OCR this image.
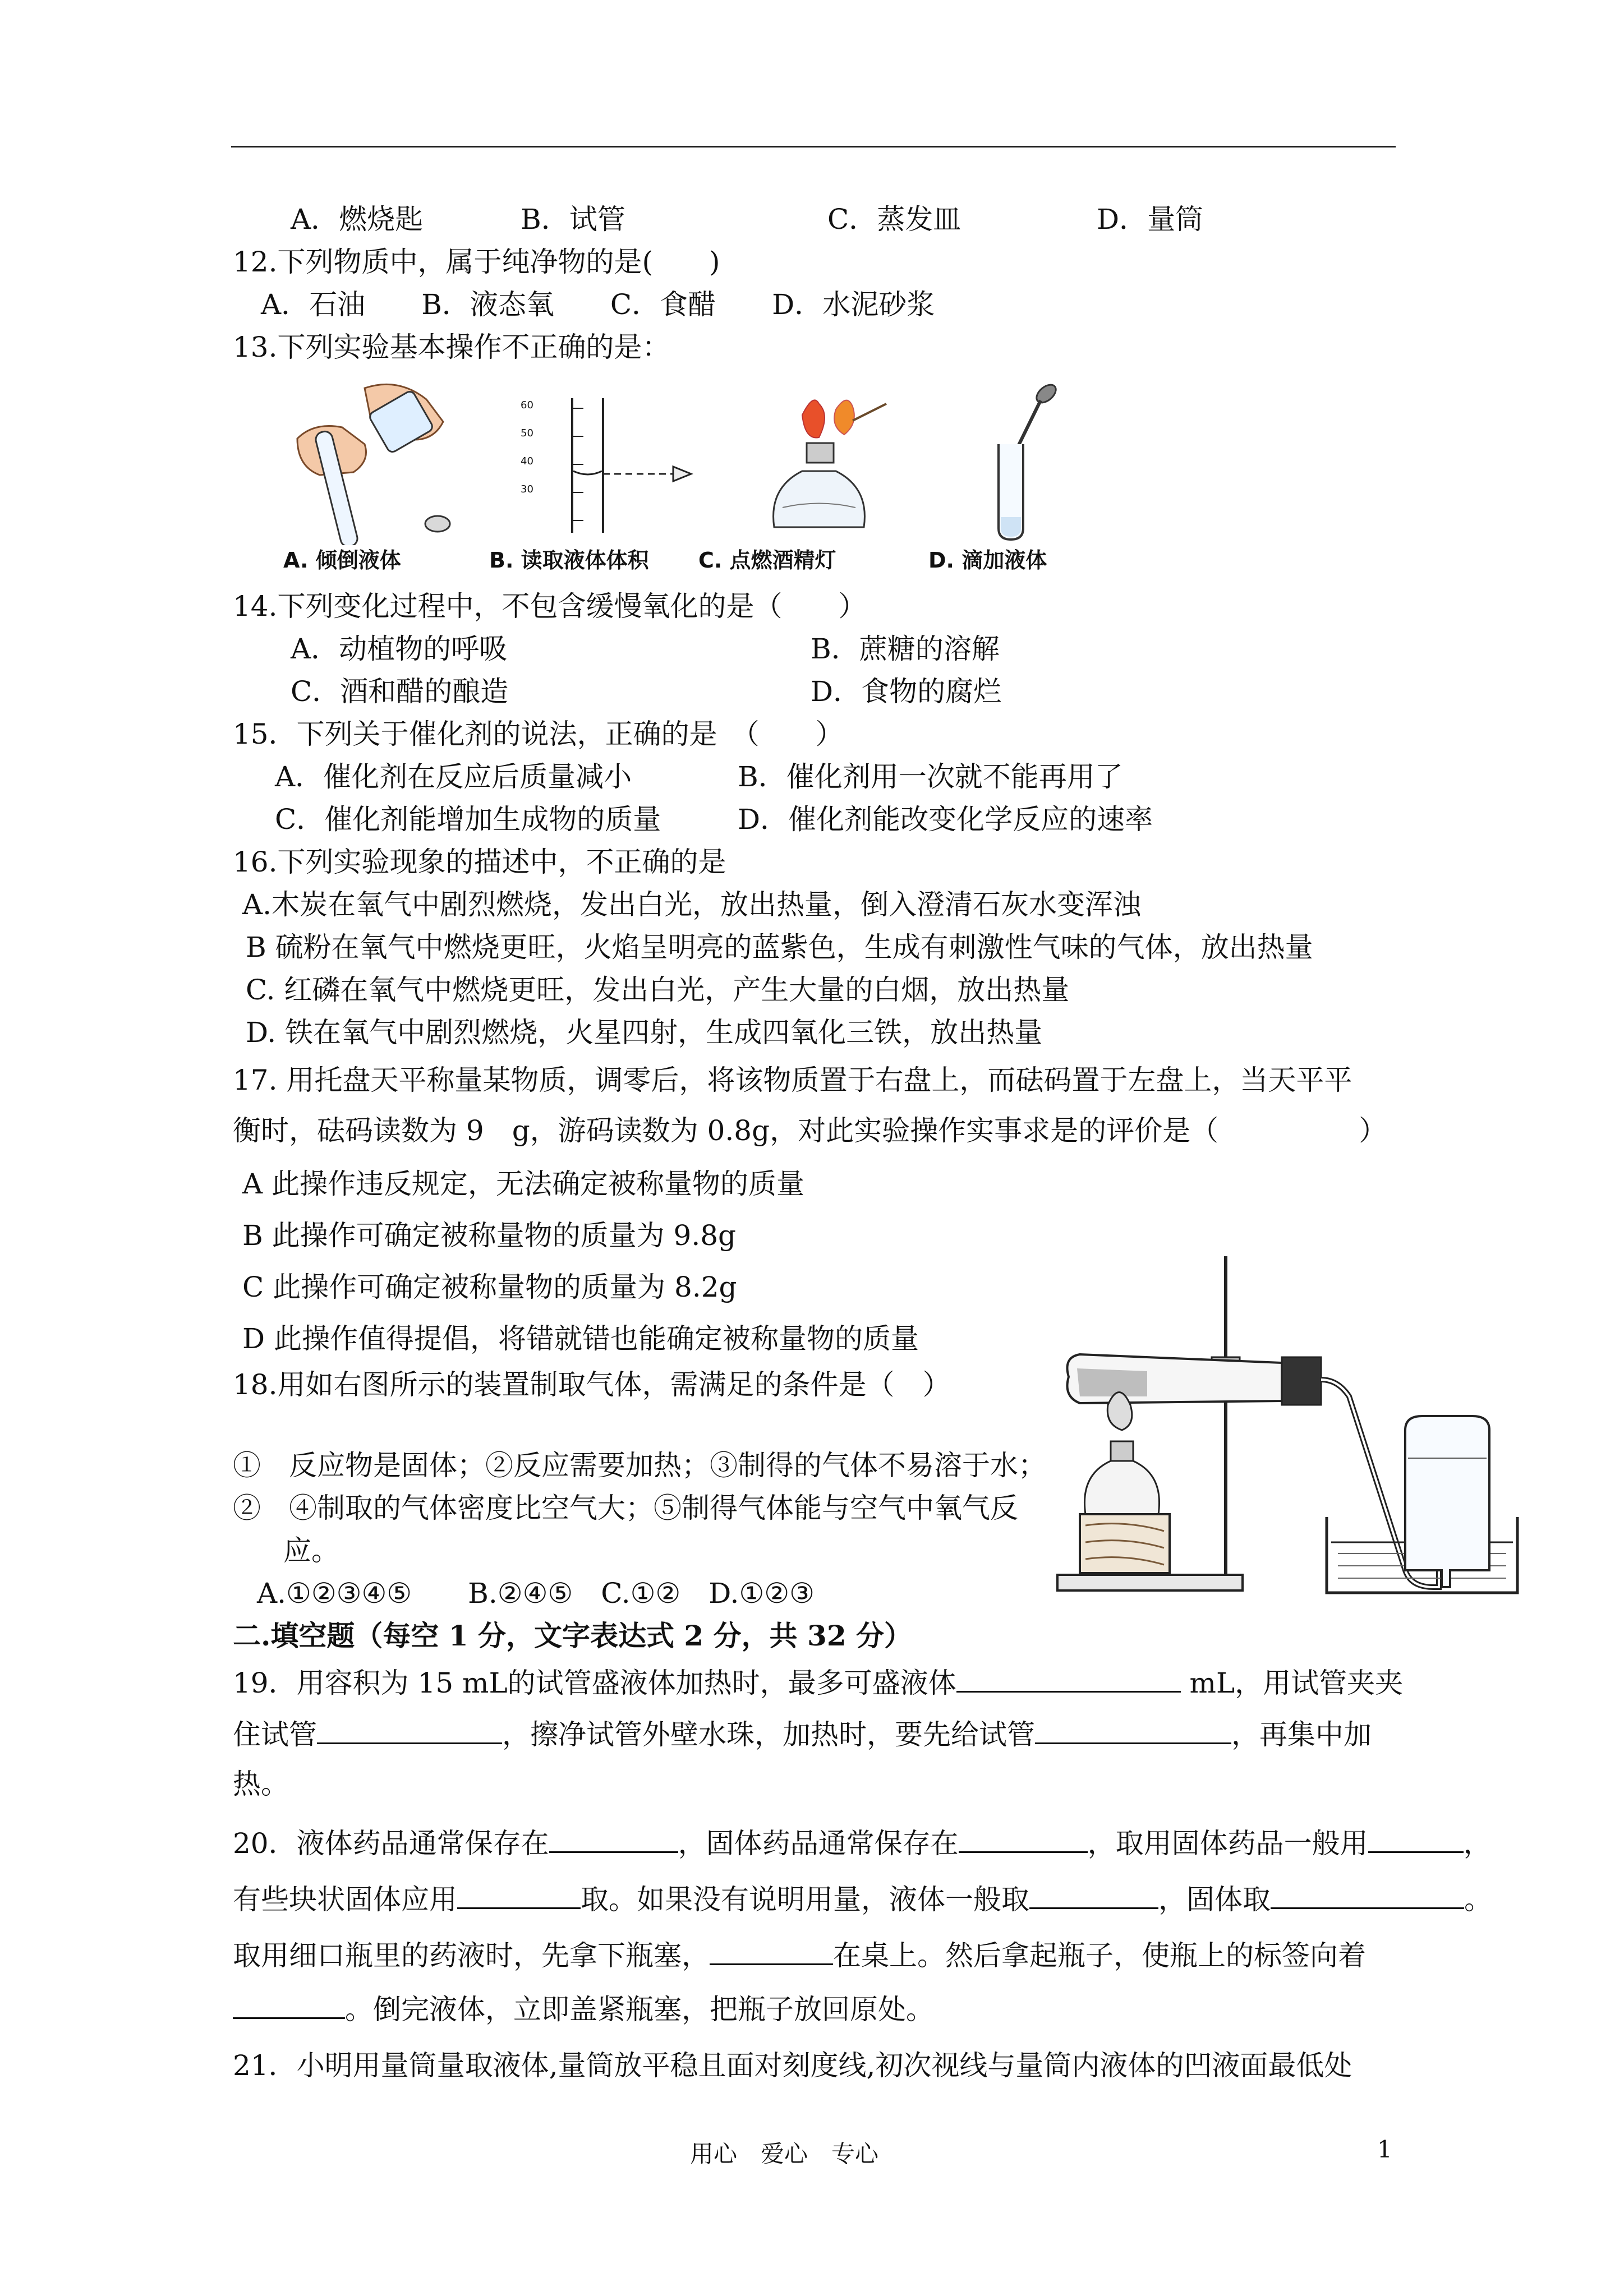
A．燃烧匙	B．试管	C．蒸发皿	D．量筒
12.下列物质中，属于纯净物的是(　　)
A．石油　　B．液态氧　　C．食醋　　D．水泥砂浆
13.下列实验基本操作不正确的是：
60
50
40
30
A. 倾倒液体	B. 读取液体体积 C. 点燃酒精灯	D. 滴加液体
14.下列变化过程中，不包含缓慢氧化的是（　　）
A．动植物的呼吸	B．蔗糖的溶解
C．酒和醋的酿造	D．食物的腐烂
15．下列关于催化剂的说法，正确的是　（　　）
A．催化剂在反应后质量减小	B．催化剂用一次就不能再用了
C．催化剂能增加生成物的质量	D．催化剂能改变化学反应的速率
16.下列实验现象的描述中，不正确的是
A.木炭在氧气中剧烈燃烧，发出白光，放出热量，倒入澄清石灰水变浑浊
B 硫粉在氧气中燃烧更旺，火焰呈明亮的蓝紫色，生成有刺激性气味的气体，放出热量
C. 红磷在氧气中燃烧更旺，发出白光，产生大量的白烟，放出热量
D. 铁在氧气中剧烈燃烧，火星四射，生成四氧化三铁，放出热量
17. 用托盘天平称量某物质，调零后，将该物质置于右盘上，而砝码置于左盘上，当天平平
衡时，砝码读数为 9　g，游码读数为 0.8g，对此实验操作实事求是的评价是（　　　　　）
A 此操作违反规定，无法确定被称量物的质量
B 此操作可确定被称量物的质量为 9.8g
C 此操作可确定被称量物的质量为 8.2g
D 此操作值得提倡，将错就错也能确定被称量物的质量
18.用如右图所示的装置制取气体，需满足的条件是（　）
①　反应物是固体；②反应需要加热；③制得的气体不易溶于水；
②　④制取的气体密度比空气大；⑤制得气体能与空气中氧气反
应。
A.①②③④⑤　　B.②④⑤　C.①②　D.①②③
二.填空题（每空 1 分，文字表达式 2 分，共 32 分）
19．用容积为 15 mL的试管盛液体加热时，最多可盛液体	mL，用试管夹夹
住试管	，擦净试管外壁水珠，加热时，要先给试管	，再集中加
热。
20．液体药品通常保存在	，固体药品通常保存在	，取用固体药品一般用	，
有些块状固体应用	取。如果没有说明用量，液体一般取	，固体取	。
取用细口瓶里的药液时，先拿下瓶塞，	在桌上。然后拿起瓶子，使瓶上的标签向着
。倒完液体，立即盖紧瓶塞，把瓶子放回原处。
21．小明用量筒量取液体,量筒放平稳且面对刻度线,初次视线与量筒内液体的凹液面最低处
用心　爱心　专心	1
